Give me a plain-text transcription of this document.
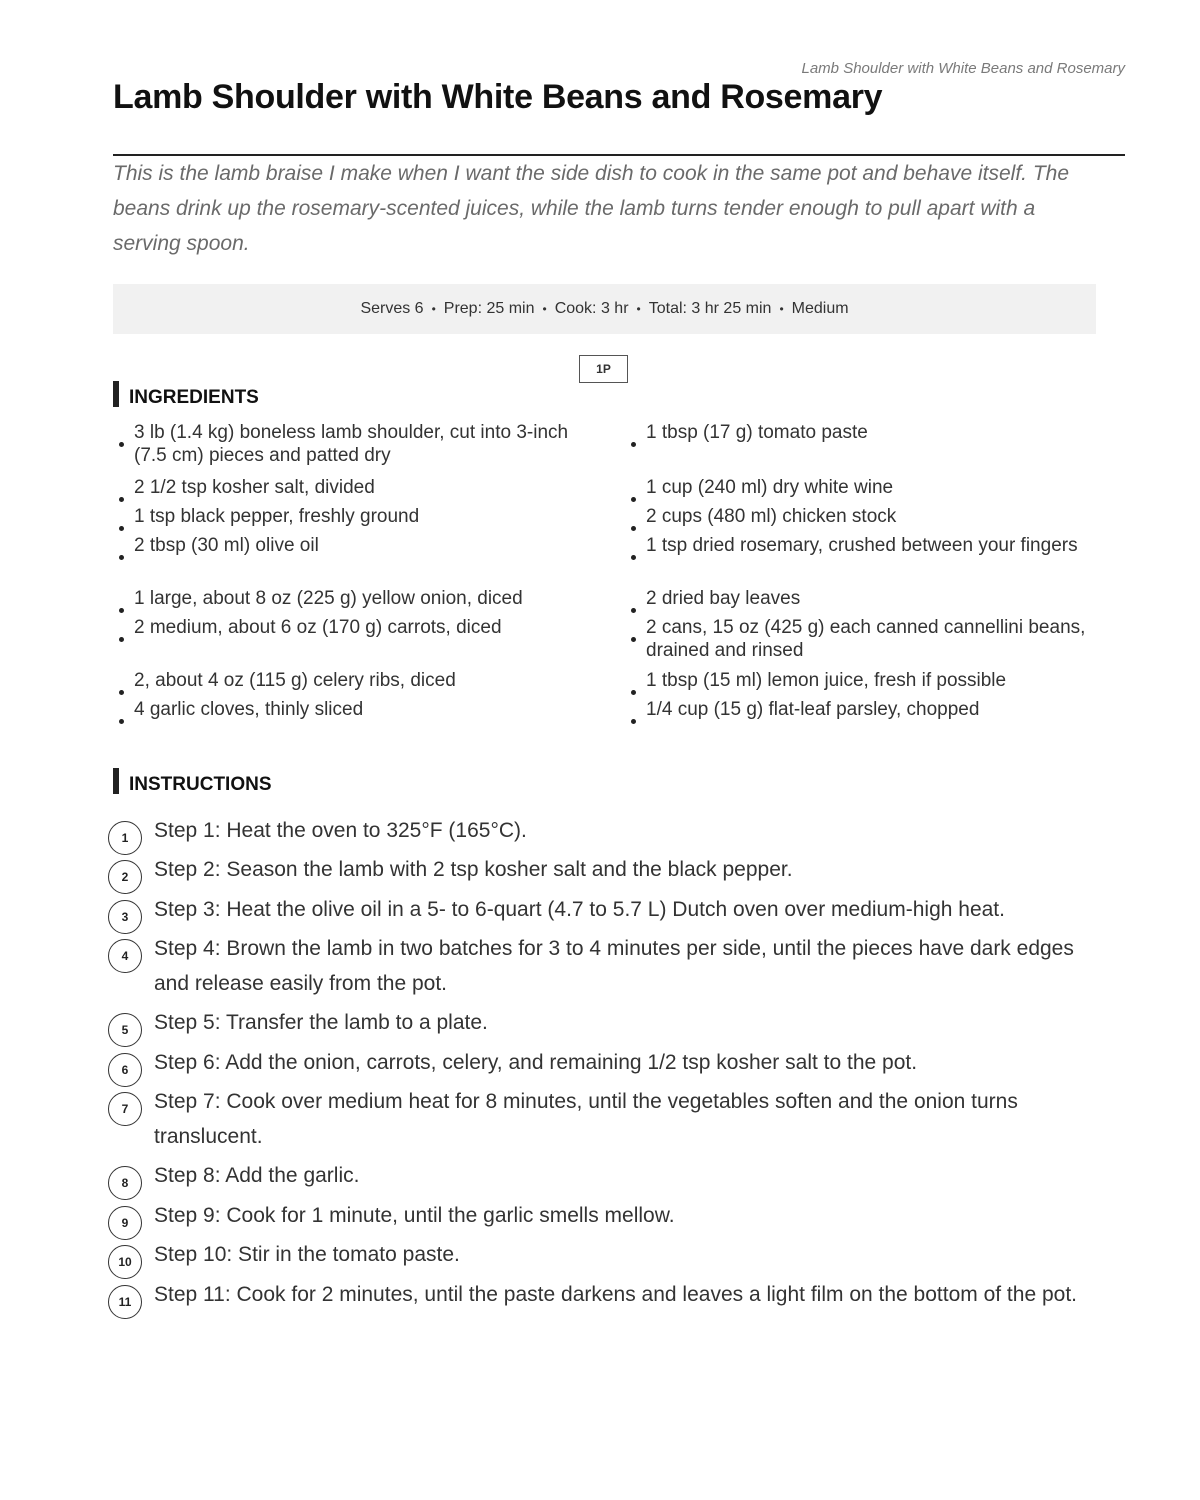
Lamb Shoulder with White Beans and Rosemary
Lamb Shoulder with White Beans and Rosemary

This is the lamb braise I make when I want the side dish to cook in the same pot and behave itself. The beans drink up the rosemary-scented juices, while the lamb turns tender enough to pull apart with a serving spoon.

Serves 6 • Prep: 25 min • Cook: 3 hr • Total: 3 hr 25 min • Medium
1P
INGREDIENTS
3 lb (1.4 kg) boneless lamb shoulder, cut into 3-inch (7.5 cm) pieces and patted dry
2 1/2 tsp kosher salt, divided
1 tsp black pepper, freshly ground
2 tbsp (30 ml) olive oil
1 large, about 8 oz (225 g) yellow onion, diced
2 medium, about 6 oz (170 g) carrots, diced
2, about 4 oz (115 g) celery ribs, diced
4 garlic cloves, thinly sliced
1 tbsp (17 g) tomato paste
1 cup (240 ml) dry white wine
2 cups (480 ml) chicken stock
1 tsp dried rosemary, crushed between your fingers
2 dried bay leaves
2 cans, 15 oz (425 g) each canned cannellini beans, drained and rinsed
1 tbsp (15 ml) lemon juice, fresh if possible
1/4 cup (15 g) flat-leaf parsley, chopped
INSTRUCTIONS
1	Step 1: Heat the oven to 325°F (165°C).
2	Step 2: Season the lamb with 2 tsp kosher salt and the black pepper.
3	Step 3: Heat the olive oil in a 5- to 6-quart (4.7 to 5.7 L) Dutch oven over medium-high heat.
4	Step 4: Brown the lamb in two batches for 3 to 4 minutes per side, until the pieces have dark edges and release easily from the pot.
5	Step 5: Transfer the lamb to a plate.
6	Step 6: Add the onion, carrots, celery, and remaining 1/2 tsp kosher salt to the pot.
7	Step 7: Cook over medium heat for 8 minutes, until the vegetables soften and the onion turns translucent.
8	Step 8: Add the garlic.
9	Step 9: Cook for 1 minute, until the garlic smells mellow.
10	Step 10: Stir in the tomato paste.
11	Step 11: Cook for 2 minutes, until the paste darkens and leaves a light film on the bottom of the pot.
